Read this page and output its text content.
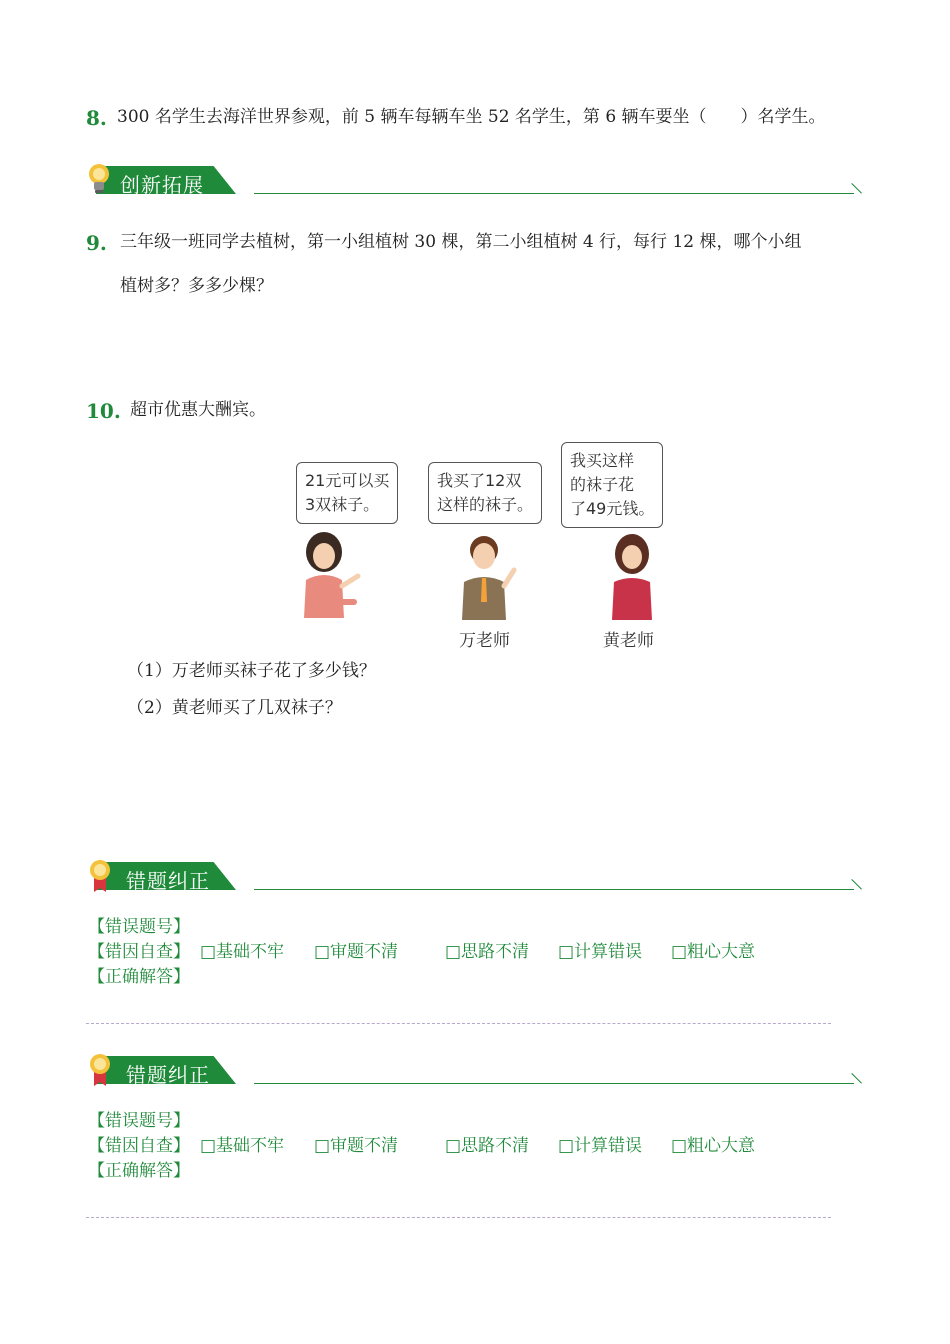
8. 300 名学生去海洋世界参观，前 5 辆车每辆车坐 52 名学生，第 6 辆车要坐（　　）名学生。
创新拓展
9. 三年级一班同学去植树，第一小组植树 30 棵，第二小组植树 4 行，每行 12 棵，哪个小组
植树多？多多少棵？
10. 超市优惠大酬宾。
21元可以买
3双袜子。
我买了12双
这样的袜子。
我买这样
的袜子花
了49元钱。
万老师	黄老师
（1）万老师买袜子花了多少钱？
（2）黄老师买了几双袜子？
错题纠正
【错误题号】
【错因自查】 □基础不牢 □审题不清	□思路不清 □计算错误 □粗心大意
【正确解答】
错题纠正
【错误题号】
【错因自查】 □基础不牢 □审题不清	□思路不清 □计算错误 □粗心大意
【正确解答】
